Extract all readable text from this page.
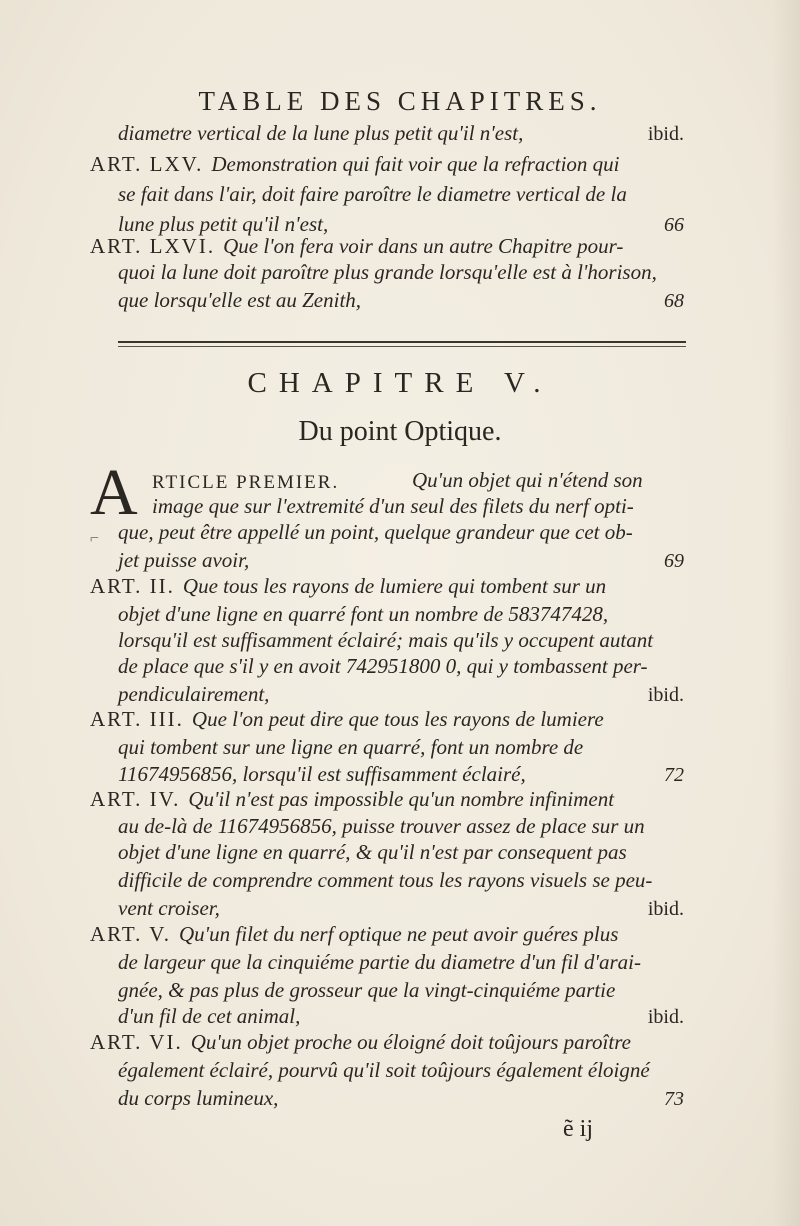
TABLE DES CHAPITRES.
diametre vertical de la lune plus petit qu'il n'est,	ibid.
ART. LXV. Demonstration qui fait voir que la refraction qui
se fait dans l'air, doit faire paroître le diametre vertical de la
lune plus petit qu'il n'est,	66
ART. LXVI. Que l'on fera voir dans un autre Chapitre pour-
quoi la lune doit paroître plus grande lorsqu'elle est à l'horison,
que lorsqu'elle est au Zenith,	68
CHAPITRE V.
Du point Optique.
A RTICLE PREMIER.	Qu'un objet qui n'étend son
image que sur l'extremité d'un seul des filets du nerf opti-
que, peut être appellé un point, quelque grandeur que cet ob-
jet puisse avoir,	69
ART. II. Que tous les rayons de lumiere qui tombent sur un
objet d'une ligne en quarré font un nombre de 583747428,
lorsqu'il est suffisamment éclairé; mais qu'ils y occupent autant
de place que s'il y en avoit 742951800 0, qui y tombassent per-
pendiculairement,	ibid.
ART. III. Que l'on peut dire que tous les rayons de lumiere
qui tombent sur une ligne en quarré, font un nombre de
11674956856, lorsqu'il est suffisamment éclairé,	72
ART. IV. Qu'il n'est pas impossible qu'un nombre infiniment
au de-là de 11674956856, puisse trouver assez de place sur un
objet d'une ligne en quarré, & qu'il n'est par consequent pas
difficile de comprendre comment tous les rayons visuels se peu-
vent croiser,	ibid.
ART. V. Qu'un filet du nerf optique ne peut avoir guéres plus
de largeur que la cinquiéme partie du diametre d'un fil d'arai-
gnée, & pas plus de grosseur que la vingt-cinquiéme partie
d'un fil de cet animal,	ibid.
ART. VI. Qu'un objet proche ou éloigné doit toûjours paroître
également éclairé, pourvû qu'il soit toûjours également éloigné
du corps lumineux,	73
ẽ ij
⌐
